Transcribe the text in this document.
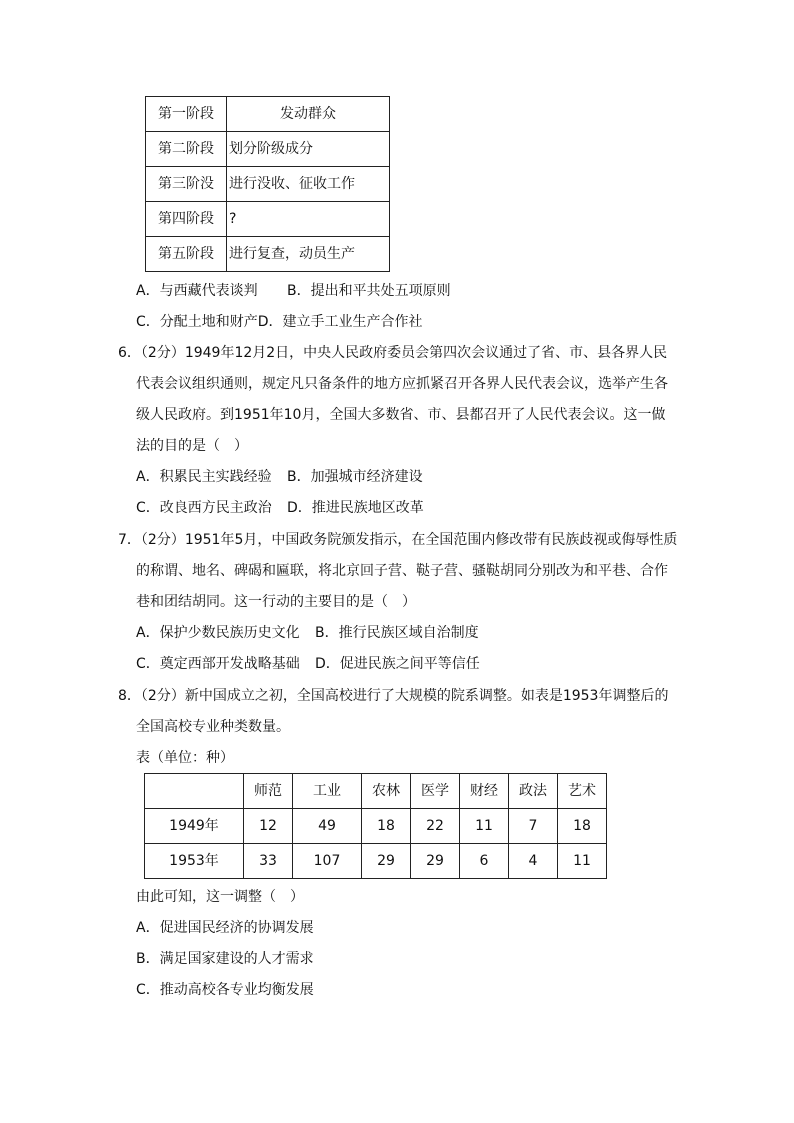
第一阶段	发动群众
第二阶段	划分阶级成分
第三阶没	进行没收、征收工作
第四阶段	?
第五阶段	进行复查，动员生产
A．与西藏代表谈判 B．提出和平共处五项原则
C．分配土地和财产D．建立手工业生产合作社
6．（2分）1949年12月2日，中央人民政府委员会第四次会议通过了省、市、县各界人民
代表会议组织通则，规定凡只备条件的地方应抓紧召开各界人民代表会议，选举产生各
级人民政府。到1951年10月，全国大多数省、市、县都召开了人民代表会议。这一做
法的目的是（　）
A．积累民主实践经验 B．加强城市经济建设
C．改良西方民主政治 D．推进民族地区改革
7．（2分）1951年5月，中国政务院颁发指示，在全国范围内修改带有民族歧视或侮辱性质
的称谓、地名、碑碣和匾联，将北京回子营、鞑子营、骚鞑胡同分别改为和平巷、合作
巷和团结胡同。这一行动的主要目的是（　）
A．保护少数民族历史文化 B．推行民族区域自治制度
C．奠定西部开发战略基础 D．促进民族之间平等信任
8．（2分）新中国成立之初，全国高校进行了大规模的院系调整。如表是1953年调整后的
全国高校专业种类数量。
表（单位：种）
	师范	工业	农林	医学	财经	政法	艺术
1949年	12	49	18	22	11	7	18
1953年	33	107	29	29	6	4	11
由此可知，这一调整（　）
A．促进国民经济的协调发展
B．满足国家建设的人才需求
C．推动高校各专业均衡发展
